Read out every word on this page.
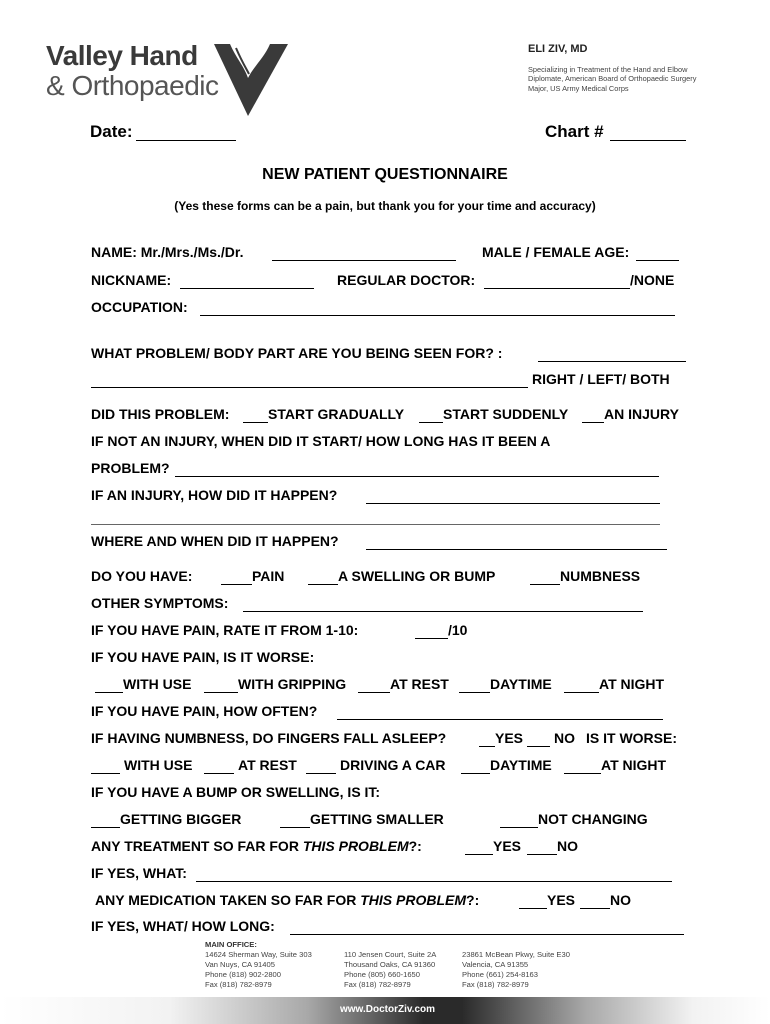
Valley Hand
& Orthopaedic
ELI ZIV, MD
Specializing in Treatment of the Hand and Elbow
Diplomate, American Board of Orthopaedic Surgery
Major, US Army Medical Corps
Date:	Chart #
NEW PATIENT QUESTIONNAIRE
(Yes these forms can be a pain, but thank you for your time and accuracy)
NAME: Mr./Mrs./Ms./Dr.	MALE / FEMALE AGE:
NICKNAME:	REGULAR DOCTOR:	/NONE
OCCUPATION:
WHAT PROBLEM/ BODY PART ARE YOU BEING SEEN FOR? :
RIGHT / LEFT/ BOTH
DID THIS PROBLEM:	START GRADUALLY	START SUDDENLY	AN INJURY
IF NOT AN INJURY, WHEN DID IT START/ HOW LONG HAS IT BEEN A
PROBLEM?
IF AN INJURY, HOW DID IT HAPPEN?
WHERE AND WHEN DID IT HAPPEN?
DO YOU HAVE:	PAIN	A SWELLING OR BUMP	NUMBNESS
OTHER SYMPTOMS:
IF YOU HAVE PAIN, RATE IT FROM 1-10:	/10
IF YOU HAVE PAIN, IS IT WORSE:
WITH USE	WITH GRIPPING	AT REST	DAYTIME	AT NIGHT
IF YOU HAVE PAIN, HOW OFTEN?
IF HAVING NUMBNESS, DO FINGERS FALL ASLEEP?	YES NO IS IT WORSE:
WITH USE	AT REST	DRIVING A CAR	DAYTIME	AT NIGHT
IF YOU HAVE A BUMP OR SWELLING, IS IT:
GETTING BIGGER	GETTING SMALLER	NOT CHANGING
ANY TREATMENT SO FAR FOR THIS PROBLEM?:	YES	NO
IF YES, WHAT:
ANY MEDICATION TAKEN SO FAR FOR THIS PROBLEM?:	YES NO
IF YES, WHAT/ HOW LONG:
MAIN OFFICE:
14624 Sherman Way, Suite 303
Van Nuys, CA 91405
Phone (818) 902-2800
Fax (818) 782-8979
110 Jensen Court, Suite 2A
Thousand Oaks, CA 91360
Phone (805) 660-1650
Fax (818) 782-8979
23861 McBean Pkwy, Suite E30
Valencia, CA 91355
Phone (661) 254-8163
Fax (818) 782-8979
www.DoctorZiv.com
